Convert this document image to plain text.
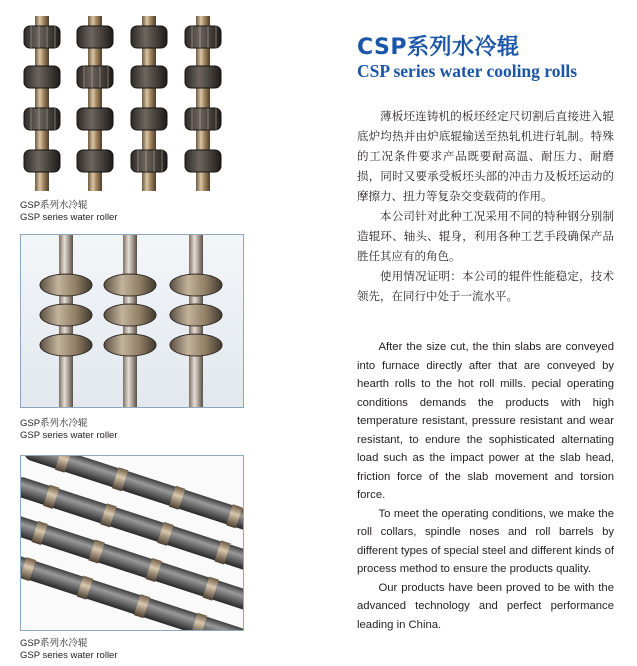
GSP系列水冷辊
GSP series water roller
GSP系列水冷辊
GSP series water roller
GSP系列水冷辊
GSP series water roller
CSP系列水冷辊
CSP series water cooling rolls

薄板坯连铸机的板坯经定尺切割后直接进入辊底炉均热并由炉底辊输送至热轧机进行轧制。特殊的工况条件要求产品既要耐高温、耐压力、耐磨损，同时又要承受板坯头部的冲击力及板坯运动的摩擦力、扭力等复杂交变载荷的作用。

本公司针对此种工况采用不同的特种钢分别制造辊环、轴头、辊身，利用各种工艺手段确保产品胜任其应有的角色。

使用情况证明：本公司的辊件性能稳定，技术领先，在同行中处于一流水平。

After the size cut, the thin slabs are conveyed into furnace directly after that are conveyed by hearth rolls to the hot roll mills. pecial operating conditions demands the products with high temperature resistant, pressure resistant and wear resistant, to endure the sophisticated alternating load such as the impact power at the slab head, friction force of the slab movement and torsion force.

To meet the operating conditions, we make the roll collars, spindle noses and roll barrels by different types of special steel and different kinds of process method to ensure the products quality.

Our products have been proved to be with the advanced technology and perfect performance leading in China.
